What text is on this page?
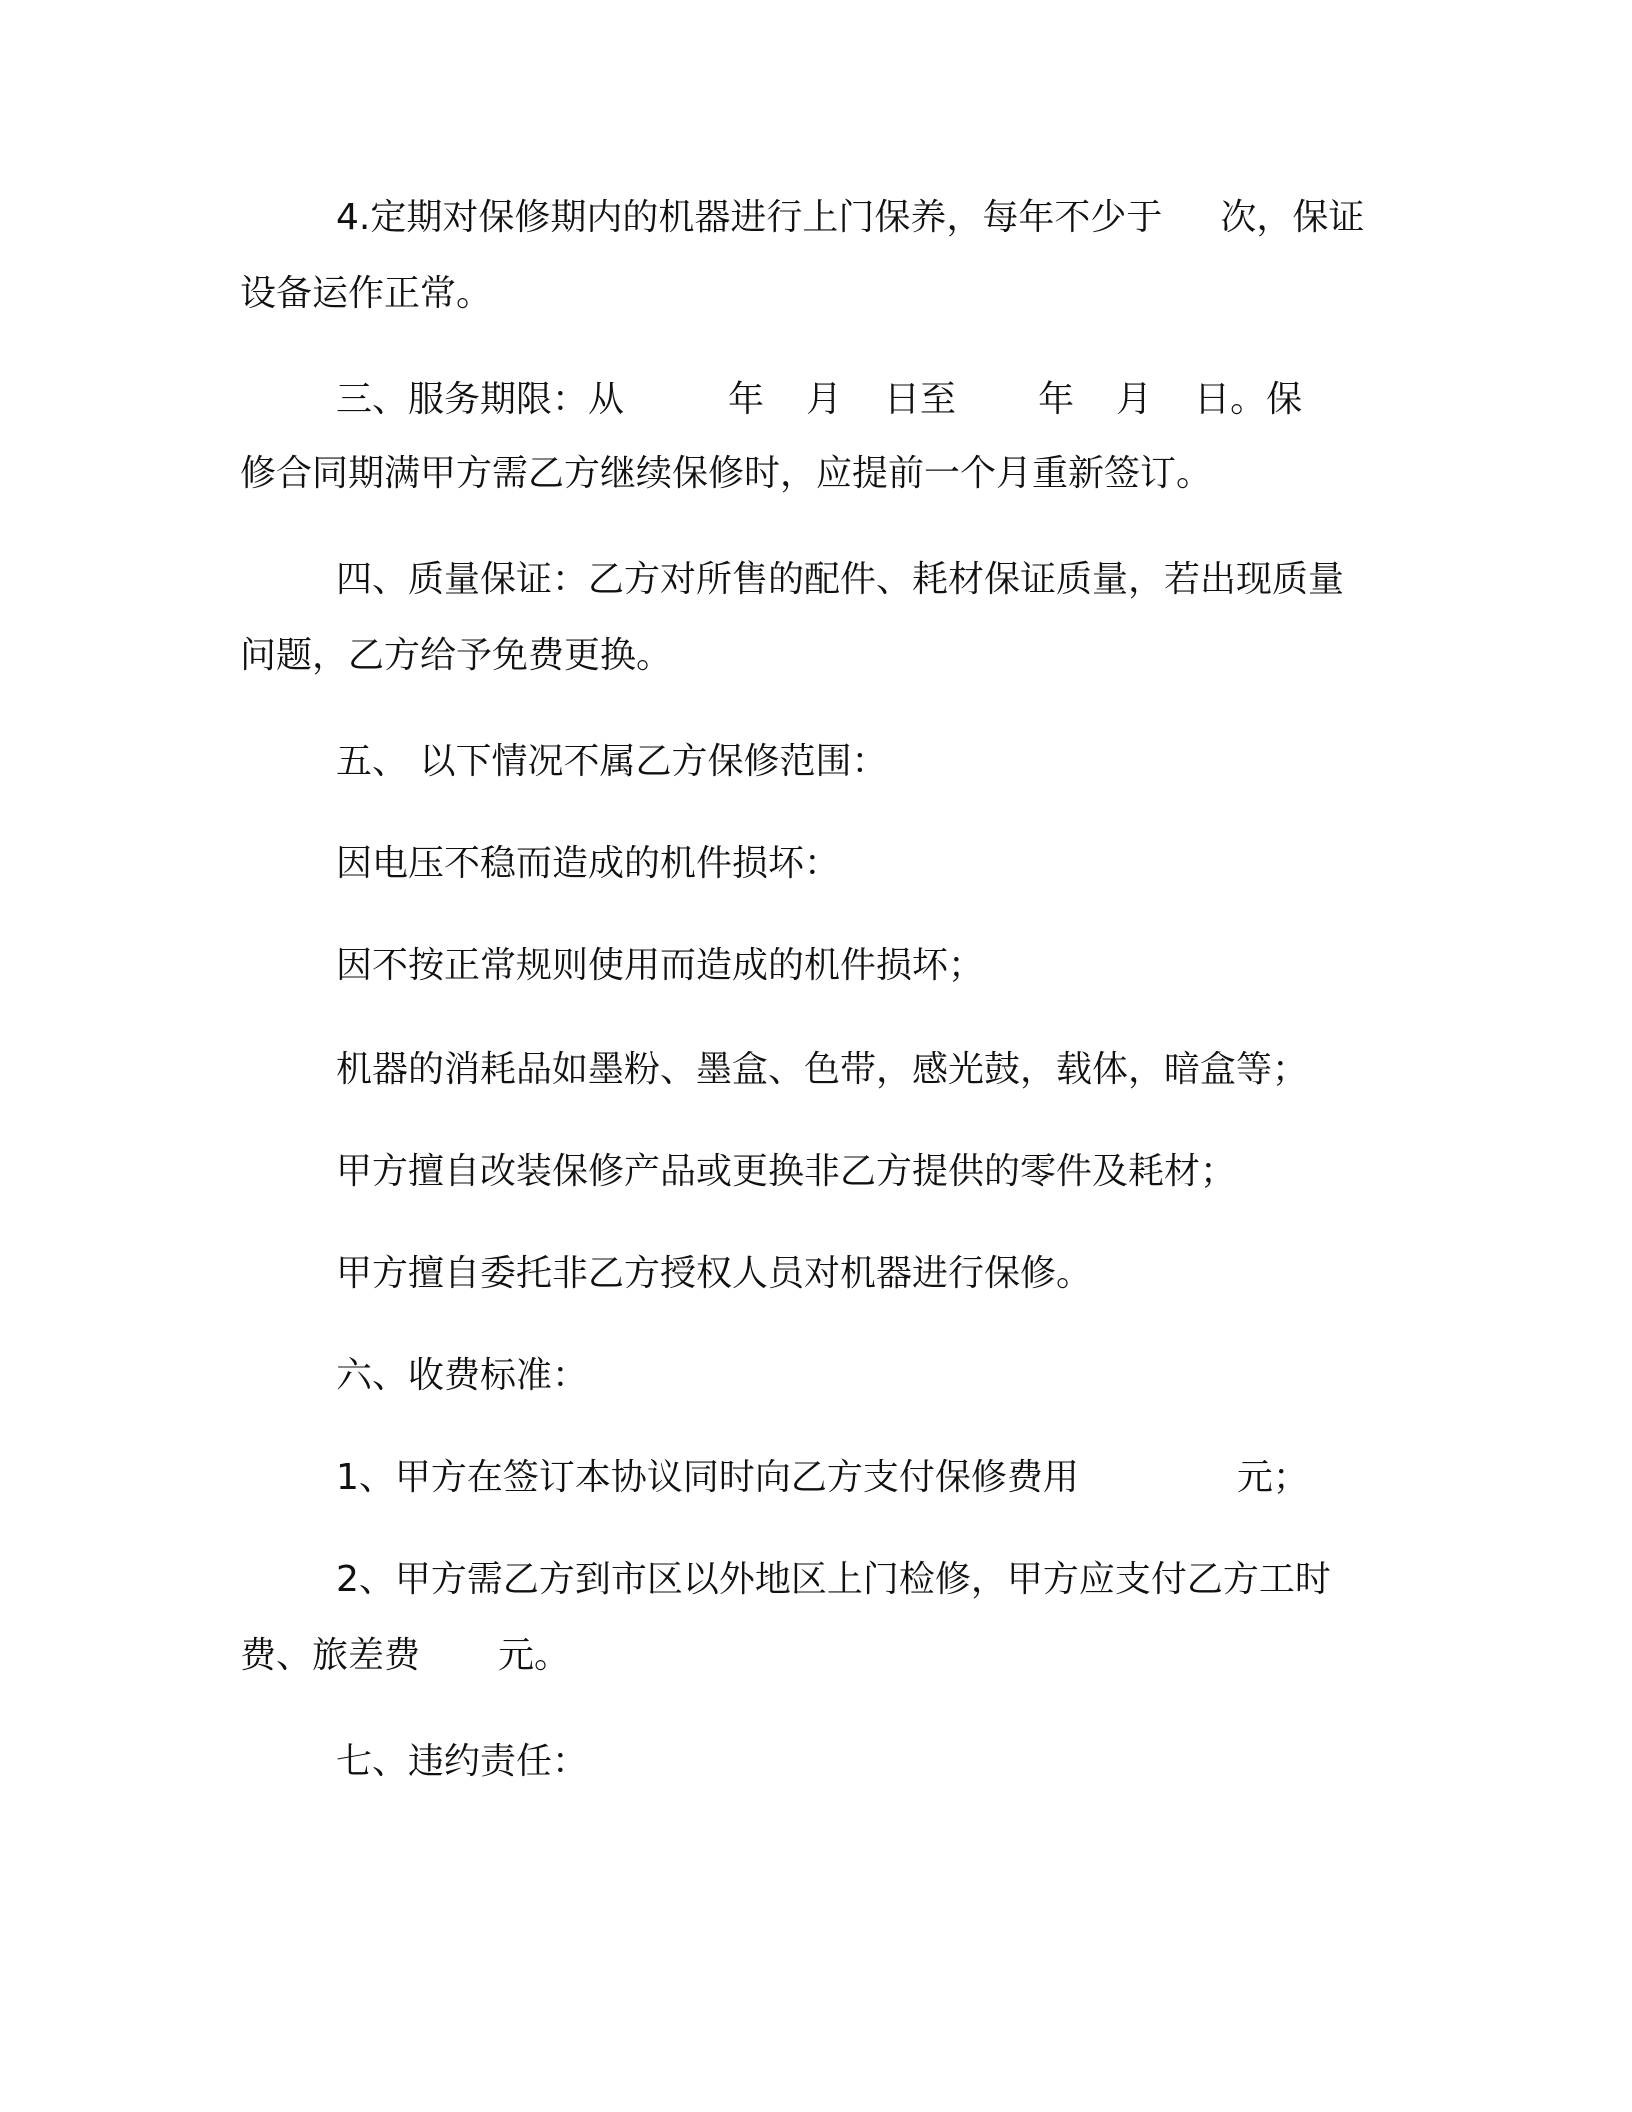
4.定期对保修期内的机器进行上门保养，每年不少于 次，保证
设备运作正常。
三、服务期限：从	年 月 日至 年 月 日。保
修合同期满甲方需乙方继续保修时，应提前一个月重新签订。
四、质量保证：乙方对所售的配件、耗材保证质量，若出现质量
问题，乙方给予免费更换。
五、 以下情况不属乙方保修范围：
因电压不稳而造成的机件损坏：
因不按正常规则使用而造成的机件损坏；
机器的消耗品如墨粉、墨盒、色带，感光鼓，载体，暗盒等；
甲方擅自改装保修产品或更换非乙方提供的零件及耗材；
甲方擅自委托非乙方授权人员对机器进行保修。
六、收费标准：
1、甲方在签订本协议同时向乙方支付保修费用	元；
2、甲方需乙方到市区以外地区上门检修，甲方应支付乙方工时
费、旅差费 元。
七、违约责任：
